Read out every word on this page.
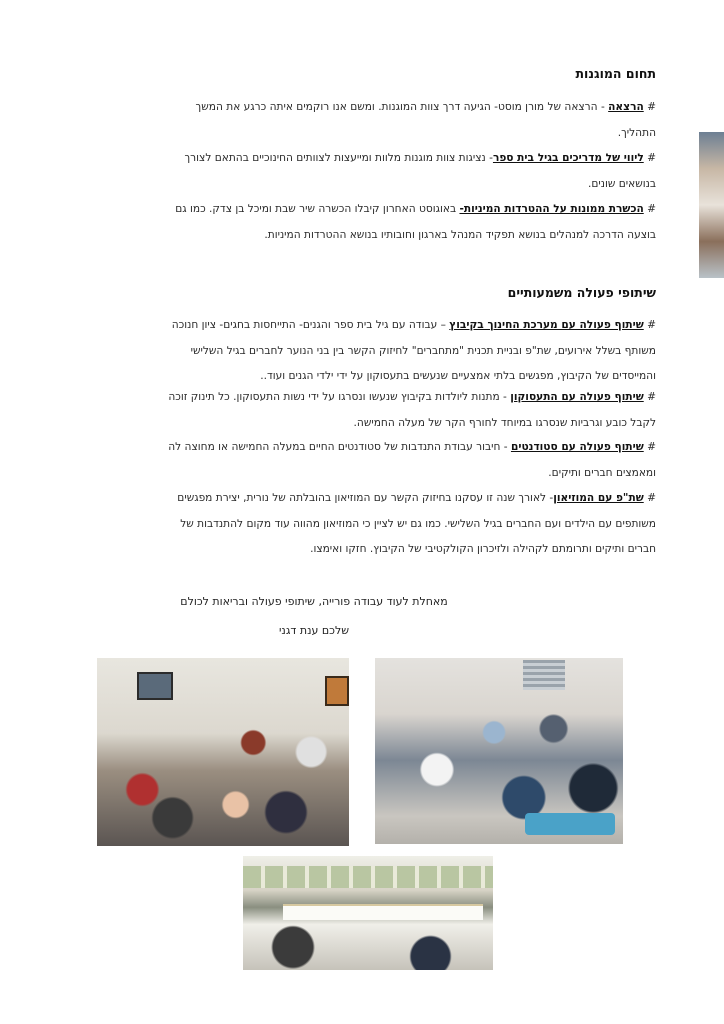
תחום המוגנות
# הרצאה - הרצאה של מורן מוסט- הגיעה דרך צוות המוגנות. ומשם אנו רוקמים איתה כרגע את המשך
התהליך.
# ליווי של מדריכים בגיל בית ספר- נציגות צוות מוגנות מלוות ומייעצות לצוותים החינוכיים בהתאם לצורך
בנושאים שונים.
# הכשרת ממונות על ההטרדות המיניות- באוגוסט האחרון קיבלו הכשרה שיר שבת ומיכל בן צדק. כמו גם
בוצעה הדרכה למנהלים בנושא תפקיד המנהל בארגון וחובותיו בנושא ההטרדות המיניות.
שיתופי פעולה משמעותיים
# שיתוף פעולה עם מערכת החינוך בקיבוץ – עבודה עם גיל בית ספר והגנים- התייחסות בחגים- ציון חנוכה
משותף בשלל אירועים, שת"פ ובניית תכנית "מתחברים" לחיזוק הקשר בין בני הנוער לחברים בגיל השלישי
והמייסדים של הקיבוץ, מפגשים בלתי אמצעיים שנעשים בתעסוקון על ידי ילדי הגנים ועוד..
# שיתוף פעולה עם התעסוקון - מתנות ליולדות בקיבוץ שנעשו ונסרגו על ידי נשות התעסוקון. כל תינוק זוכה
לקבל כובע וגרביות שנסרגו במיוחד לחורף הקר של מעלה החמישה.
# שיתוף פעולה עם סטודנטים - חיבור עבודת התנדבות של סטודנטים החיים במעלה החמישה או מחוצה לה
ומאמצים חברים ותיקים.
# שת"פ עם המוזיאון- לאורך שנה זו עסקנו בחיזוק הקשר עם המוזיאון בהובלתה של נורית, יצירת מפגשים
משותפים עם הילדים ועם החברים בגיל השלישי. כמו גם יש לציין כי המוזיאון מהווה עוד מקום להתנדבות של
חברים ותיקים ותרומתם לקהילה ולזיכרון הקולקטיבי של הקיבוץ. חזקו ואימצו.

מאחלת לעוד עבודה פורייה, שיתופי פעולה ובריאות לכולם

שלכם ענת דגני
